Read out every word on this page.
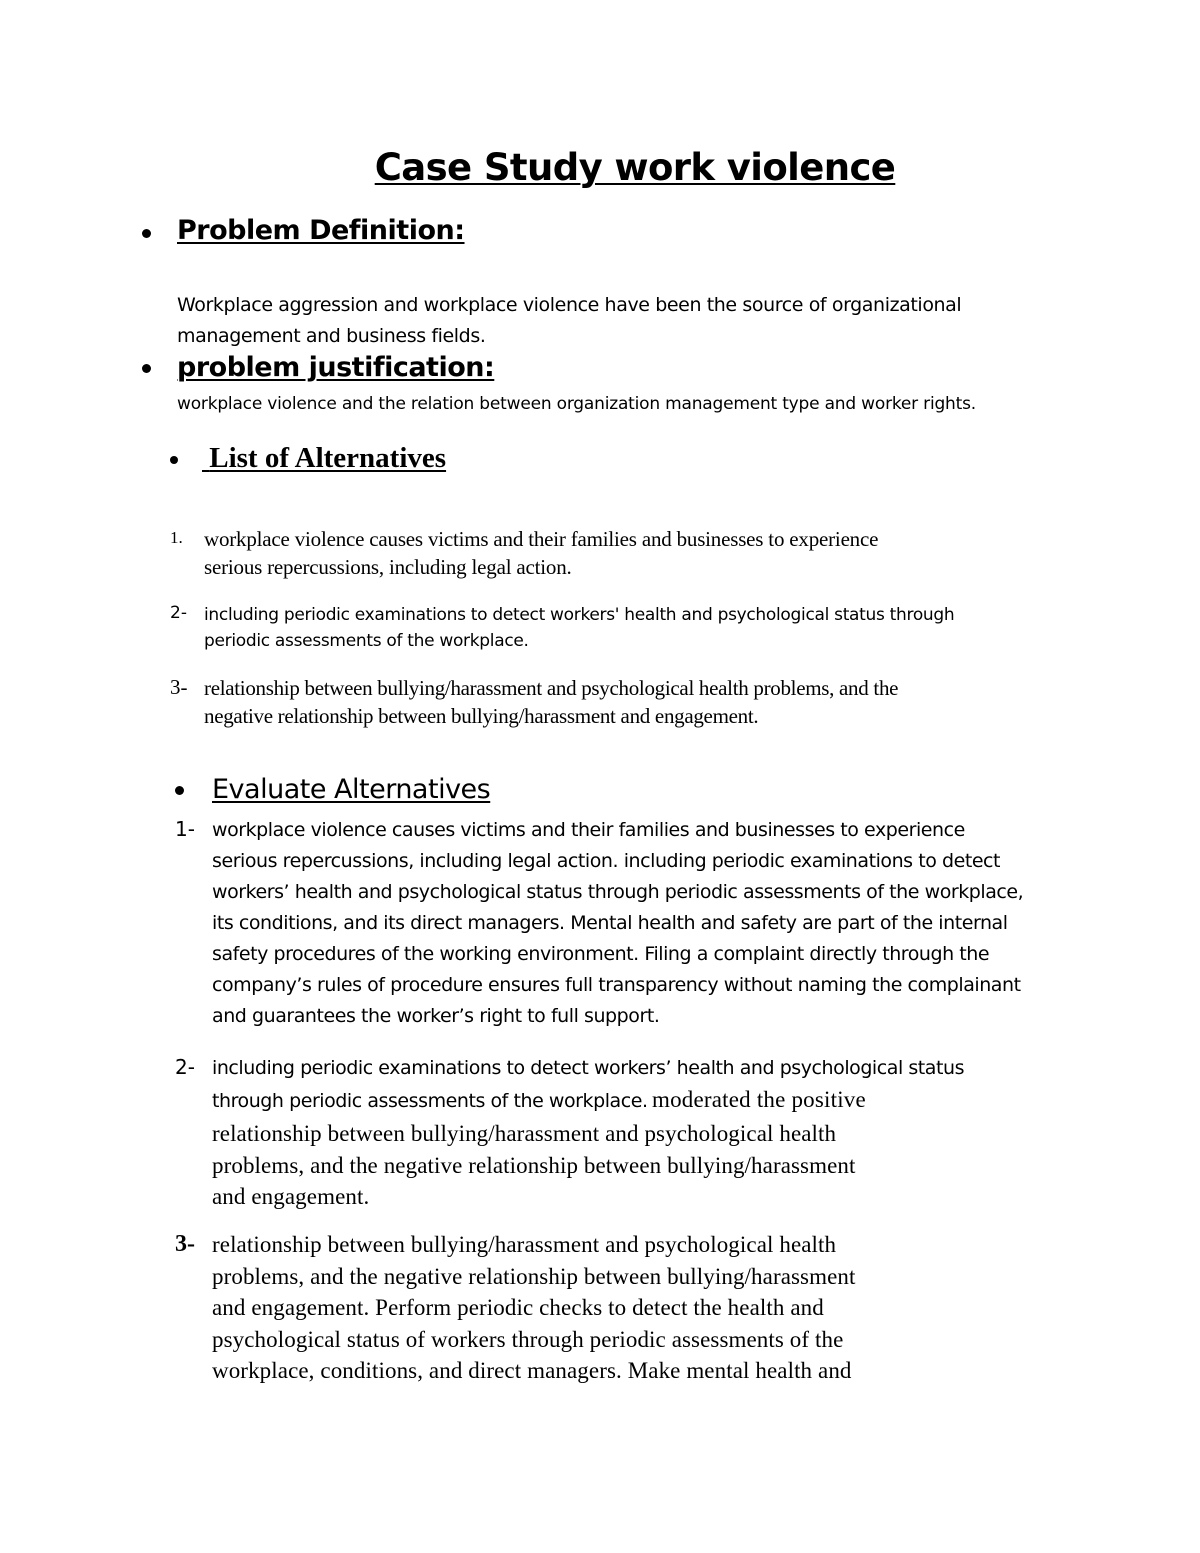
Case Study work violence
Problem Definition:
Workplace aggression and workplace violence have been the source of organizational
management and business fields.
problem justification:
workplace violence and the relation between organization management type and worker rights.
List of Alternatives
1. workplace violence causes victims and their families and businesses to experience
serious repercussions, including legal action.
2- including periodic examinations to detect workers' health and psychological status through
periodic assessments of the workplace.
3- relationship between bullying/harassment and psychological health problems, and the
negative relationship between bullying/harassment and engagement.
Evaluate Alternatives
1- workplace violence causes victims and their families and businesses to experience
serious repercussions, including legal action. including periodic examinations to detect
workers’ health and psychological status through periodic assessments of the workplace,
its conditions, and its direct managers. Mental health and safety are part of the internal
safety procedures of the working environment. Filing a complaint directly through the
company’s rules of procedure ensures full transparency without naming the complainant
and guarantees the worker’s right to full support.
2- including periodic examinations to detect workers’ health and psychological status
through periodic assessments of the workplace. moderated the positive
relationship between bullying/harassment and psychological health
problems, and the negative relationship between bullying/harassment
and engagement.
3- relationship between bullying/harassment and psychological health
problems, and the negative relationship between bullying/harassment
and engagement. Perform periodic checks to detect the health and
psychological status of workers through periodic assessments of the
workplace, conditions, and direct managers. Make mental health and
